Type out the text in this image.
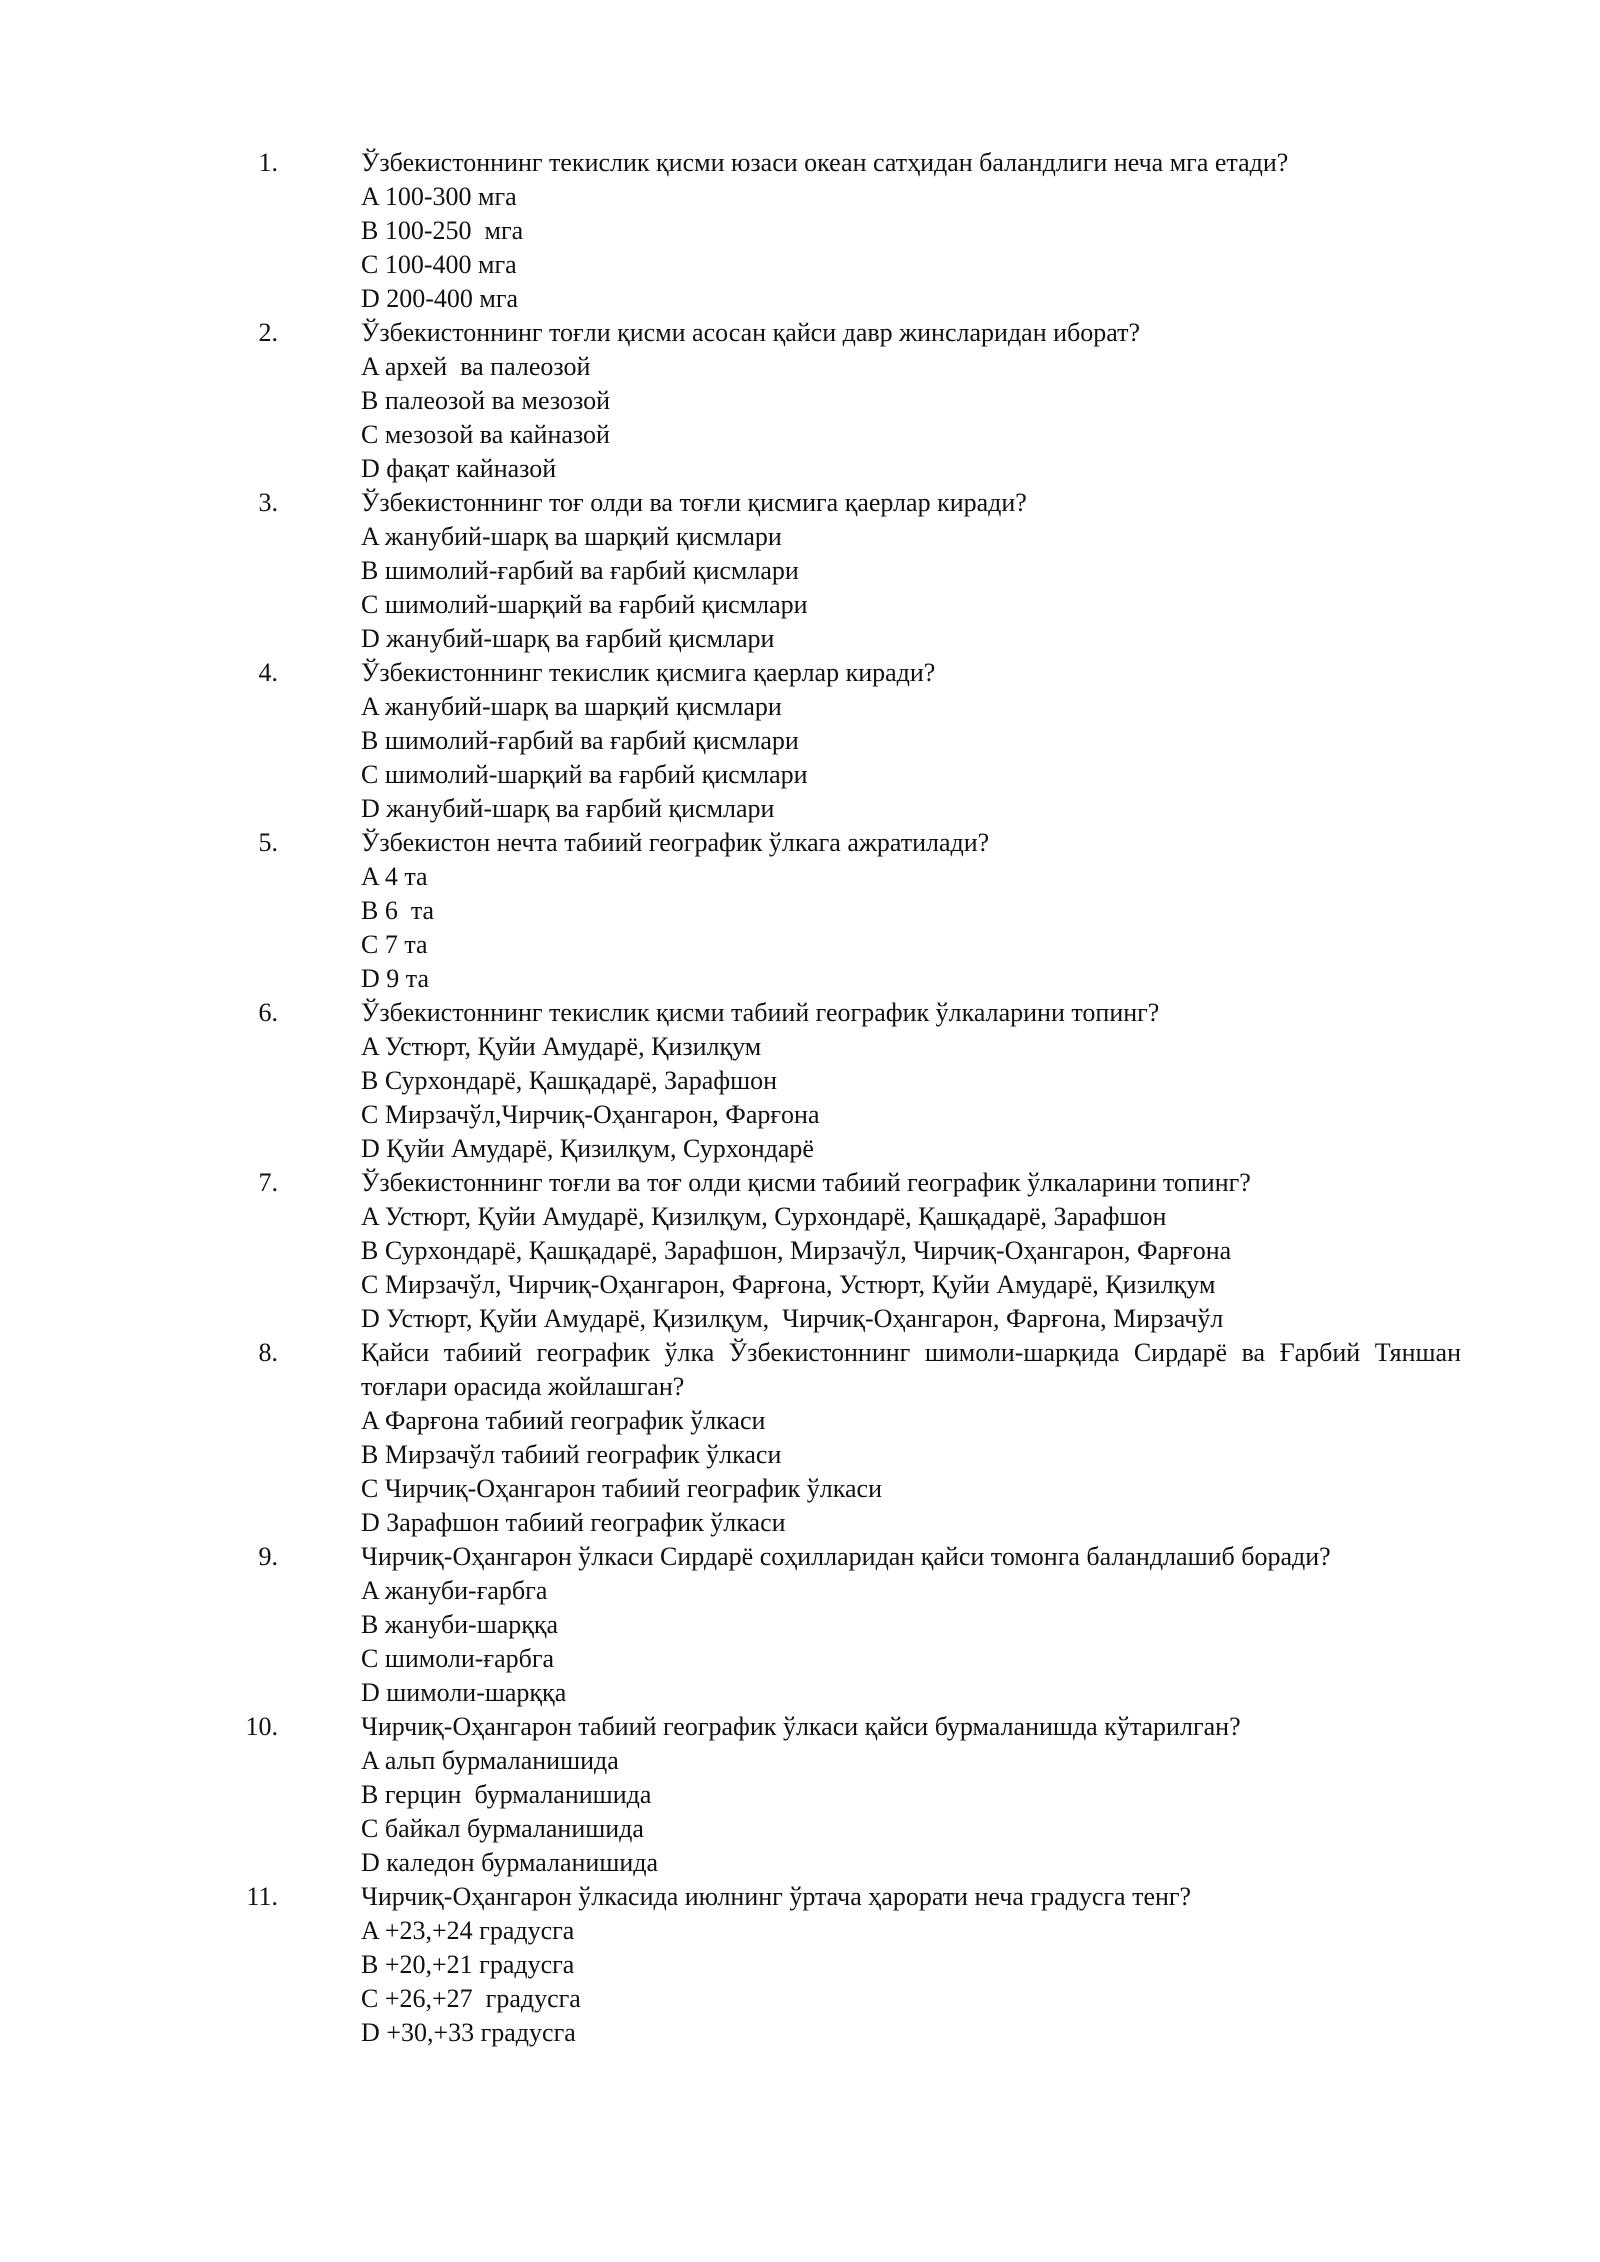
1.	Ўзбекистоннинг текислик қисми юзаси океан сатҳидан баландлиги неча мга етади?
A 100-300 мга
B 100-250  мга
C 100-400 мга
D 200-400 мга
2.	Ўзбекистоннинг тоғли қисми асосан қайси давр жинсларидан иборат?
A архей  ва палеозой
B палеозой ва мезозой
C мезозой ва кайназой
D фақат кайназой
3.	Ўзбекистоннинг тоғ олди ва тоғли қисмига қаерлар киради?
A жанубий-шарқ ва шарқий қисмлари
B шимолий-ғарбий ва ғарбий қисмлари
C шимолий-шарқий ва ғарбий қисмлари
D жанубий-шарқ ва ғарбий қисмлари
4.	Ўзбекистоннинг текислик қисмига қаерлар киради?
A жанубий-шарқ ва шарқий қисмлари
B шимолий-ғарбий ва ғарбий қисмлари
C шимолий-шарқий ва ғарбий қисмлари
D жанубий-шарқ ва ғарбий қисмлари
5.	Ўзбекистон нечта табиий географик ўлкага ажратилади?
A 4 та
B 6  та
C 7 та
D 9 та
6.	Ўзбекистоннинг текислик қисми табиий географик ўлкаларини топинг?
A Устюрт, Қуйи Амударё, Қизилқум
B Сурхондарё, Қашқадарё, Зарафшон
C Мирзачўл,Чирчиқ-Оҳангарон, Фарғона
D Қуйи Амударё, Қизилқум, Сурхондарё
7.	Ўзбекистоннинг тоғли ва тоғ олди қисми табиий географик ўлкаларини топинг?
A Устюрт, Қуйи Амударё, Қизилқум, Сурхондарё, Қашқадарё, Зарафшон
B Сурхондарё, Қашқадарё, Зарафшон, Мирзачўл, Чирчиқ-Оҳангарон, Фарғона
C Мирзачўл, Чирчиқ-Оҳангарон, Фарғона, Устюрт, Қуйи Амударё, Қизилқум
D Устюрт, Қуйи Амударё, Қизилқум,  Чирчиқ-Оҳангарон, Фарғона, Мирзачўл
8.	Қайси табиий географик ўлка Ўзбекистоннинг шимоли-шарқида Сирдарё ва Ғарбий Тяншан тоғлари орасида жойлашган?
A Фарғона табиий географик ўлкаси
B Мирзачўл табиий географик ўлкаси
C Чирчиқ-Оҳангарон табиий географик ўлкаси
D Зарафшон табиий географик ўлкаси
9.	Чирчиқ-Оҳангарон ўлкаси Сирдарё соҳилларидан қайси томонга баландлашиб боради?
A жануби-ғарбга
B жануби-шарққа
C шимоли-ғарбга
D шимоли-шарққа
10.	Чирчиқ-Оҳангарон табиий географик ўлкаси қайси бурмаланишда кўтарилган?
A альп бурмаланишида
B герцин  бурмаланишида
C байкал бурмаланишида
D каледон бурмаланишида
11.	Чирчиқ-Оҳангарон ўлкасида июлнинг ўртача ҳарорати неча градусга тенг?
A +23,+24 градусга
B +20,+21 градусга
C +26,+27  градусга
D +30,+33 градусга
